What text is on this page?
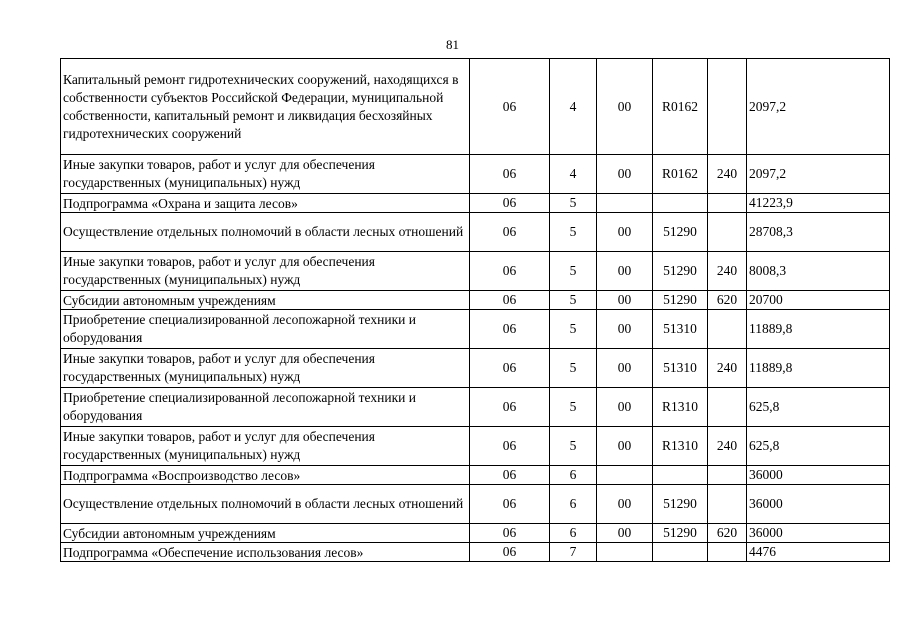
81
Капитальный ремонт гидротехнических сооружений, находящихся в собственности субъектов Российской Федерации, муниципальной собственности, капитальный ремонт и ликвидация бесхозяйных гидротехнических сооружений	06	4	00	R0162		2097,2
Иные закупки товаров, работ и услуг для обеспечения государственных (муниципальных) нужд	06	4	00	R0162	240	2097,2
Подпрограмма «Охрана и защита лесов»	06	5				41223,9
Осуществление отдельных полномочий в области лесных отношений	06	5	00	51290		28708,3
Иные закупки товаров, работ и услуг для обеспечения государственных (муниципальных) нужд	06	5	00	51290	240	8008,3
Субсидии автономным учреждениям	06	5	00	51290	620	20700
Приобретение специализированной лесопожарной техники и оборудования	06	5	00	51310		11889,8
Иные закупки товаров, работ и услуг для обеспечения государственных (муниципальных) нужд	06	5	00	51310	240	11889,8
Приобретение специализированной лесопожарной техники и оборудования	06	5	00	R1310		625,8
Иные закупки товаров, работ и услуг для обеспечения государственных (муниципальных) нужд	06	5	00	R1310	240	625,8
Подпрограмма «Воспроизводство лесов»	06	6				36000
Осуществление отдельных полномочий в области лесных отношений	06	6	00	51290		36000
Субсидии автономным учреждениям	06	6	00	51290	620	36000
Подпрограмма «Обеспечение использования лесов»	06	7				4476
